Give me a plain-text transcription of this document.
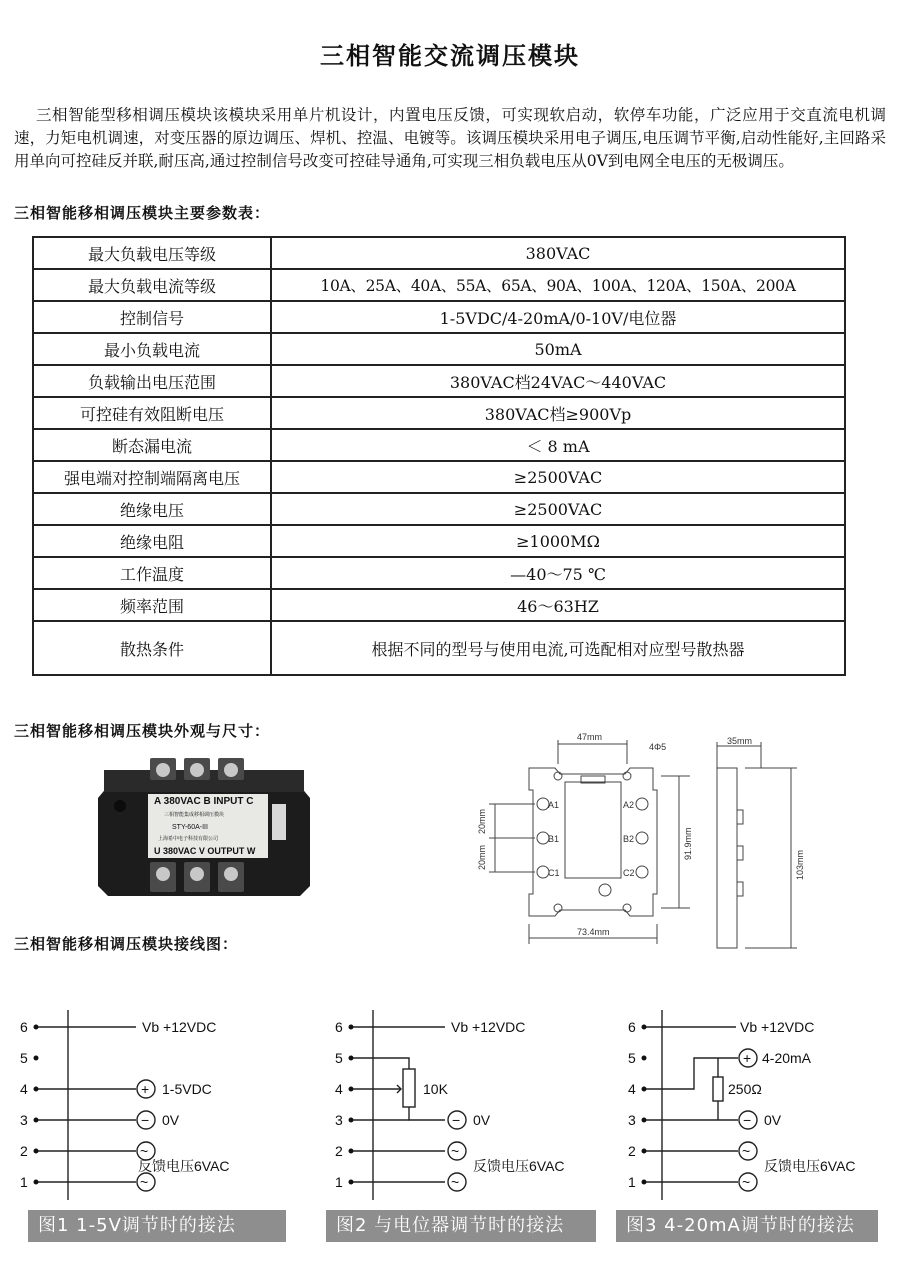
三相智能交流调压模块
三相智能型移相调压模块该模块采用单片机设计，内置电压反馈，可实现软启动，软停车功能，广泛应用于交直流电机调速，力矩电机调速，对变压器的原边调压、焊机、控温、电镀等。该调压模块采用电子调压,电压调节平衡,启动性能好,主回路采用单向可控硅反并联,耐压高,通过控制信号改变可控硅导通角,可实现三相负载电压从0V到电网全电压的无极调压。
三相智能移相调压模块主要参数表：
最大负载电压等级	380VAC
最大负载电流等级	10A、25A、40A、55A、65A、90A、100A、120A、150A、200A
控制信号	1-5VDC/4-20mA/0-10V/电位器
最小负载电流	50mA
负载输出电压范围	380VAC档24VAC～440VAC
可控硅有效阻断电压	380VAC档≥900Vp
断态漏电流	＜ 8 mA
强电端对控制端隔离电压	≥2500VAC
绝缘电压	≥2500VAC
绝缘电阻	≥1000MΩ
工作温度	—40～75 ℃
频率范围	46～63HZ
散热条件	根据不同的型号与使用电流,可选配相对应型号散热器
三相智能移相调压模块外观与尺寸：
A 380VAC B INPUT C
三相智能集成移相调压模块
STY-60A-III
上海希中电子科技有限公司
U 380VAC V OUTPUT W
47mm
4Φ5
35mm
73.4mm
A1
B1
C1
A2
B2
C2
91.9mm
103mm
20mm
20mm
三相智能移相调压模块接线图：
6
5
4
3
2
1
Vb +12VDC
+
−
~
~
1-5VDC
0V
反馈电压6VAC
6
5
4
3
2
1
Vb +12VDC
10K
−
~
~
0V
反馈电压6VAC
6
5
4
3
2
1
Vb +12VDC
+ 4-20mA
250Ω
−
~
~
0V
反馈电压6VAC
图1 1-5V调节时的接法	图2 与电位器调节时的接法	图3 4-20mA调节时的接法
